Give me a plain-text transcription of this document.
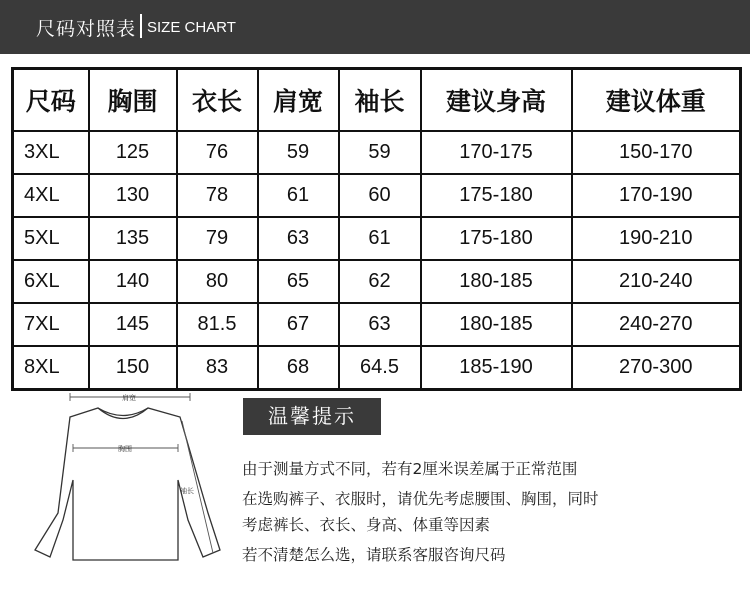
尺码对照表 SIZE CHART
尺码	胸围	衣长	肩宽	袖长	建议身高	建议体重
3XL	125	76	59	59	170-175	150-170
4XL	130	78	61	60	175-180	170-190
5XL	135	79	63	61	175-180	190-210
6XL	140	80	65	62	180-185	210-240
7XL	145	81.5	67	63	180-185	240-270
8XL	150	83	68	64.5	185-190	270-300
肩宽
胸围
袖长
温馨提示
由于测量方式不同，若有2厘米误差属于正常范围
在选购裤子、衣服时，请优先考虑腰围、胸围，同时
考虑裤长、衣长、身高、体重等因素
若不清楚怎么选，请联系客服咨询尺码
